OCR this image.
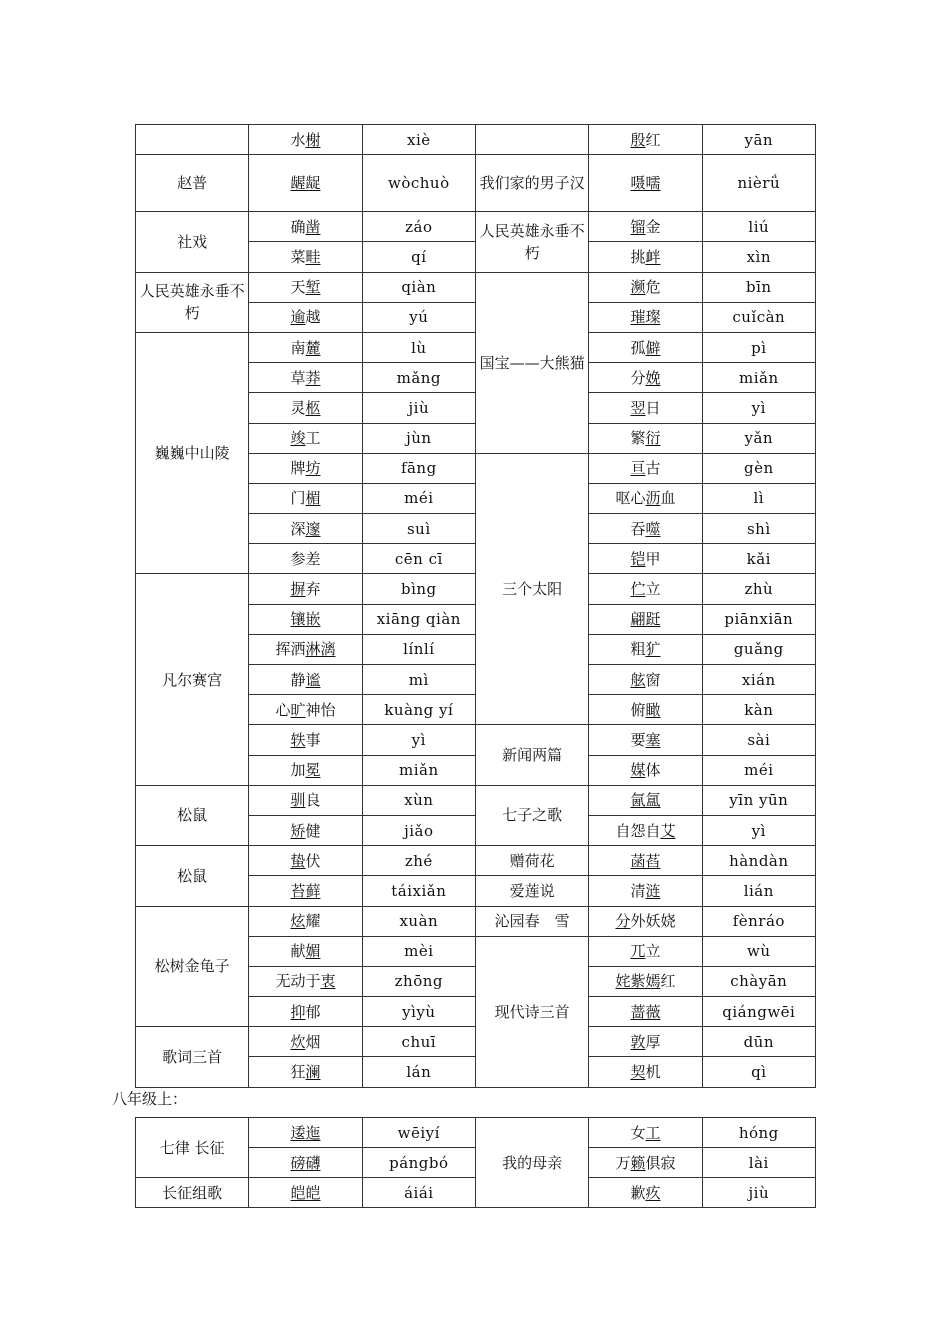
	水榭	xiè		殷红	yān
赵普	龌龊	wòchuò	我们家的男子汉	嗫嚅	nièrǘ
社戏	确凿	záo	人民英雄永垂不朽	镏金	liú
	菜畦	qí		挑衅	xìn
人民英雄永垂不朽	天堑	qiàn	国宝——大熊猫	濒危	bīn
	逾越	yú		璀璨	cuǐcàn
巍巍中山陵	南麓	lù		孤僻	pì
	草莽	mǎng		分娩	miǎn
	灵柩	jiù		翌日	yì
	竣工	jùn		繁衍	yǎn
	牌坊	fāng	三个太阳	亘古	gèn
	门楣	méi		呕心沥血	lì
	深邃	suì		吞噬	shì
	参差	cēn cī		铠甲	kǎi
凡尔赛宫	摒弃	bìng		伫立	zhù
	镶嵌	xiāng qiàn		翩跹	piānxiān
	挥洒淋漓	línlí		粗犷	guǎng
	静谧	mì		舷窗	xián
	心旷神怡	kuàng yí		俯瞰	kàn
	轶事	yì	新闻两篇	要塞	sài
	加冕	miǎn		媒体	méi
松鼠	驯良	xùn	七子之歌	氤氲	yīn yūn
	矫健	jiǎo		自怨自艾	yì
松鼠	蛰伏	zhé	赠荷花	菡萏	hàndàn
	苔藓	táixiǎn	爱莲说	清涟	lián
松树金龟子	炫耀	xuàn	沁园春　雪	分外妖娆	fènráo
	献媚	mèi	现代诗三首	兀立	wù
	无动于衷	zhōng		姹紫嫣红	chàyān
	抑郁	yìyù		蔷薇	qiángwēi
歌词三首	炊烟	chuī		敦厚	dūn
	狂澜	lán		契机	qì
八年级上：
七律 长征	逶迤	wēiyí	我的母亲	女工	hóng
	磅礴	pángbó		万籁俱寂	lài
长征组歌	皑皑	áiái		歉疚	jiù
